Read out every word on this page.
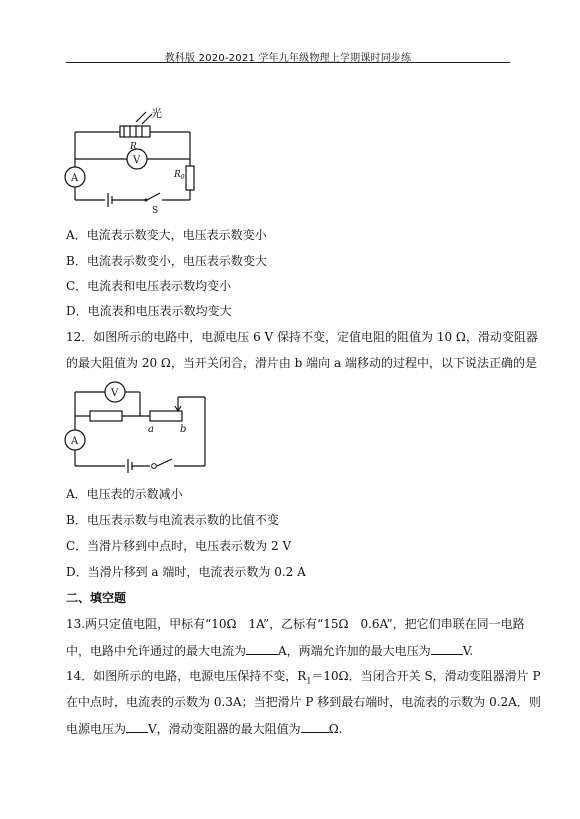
教科版 2020-2021 学年九年级物理上学期课时同步练
光
R
V
A	$R_0$
S
A．电流表示数变大，电压表示数变小
B．电流表示数变小，电压表示数变大
C．电流表和电压表示数均变小
D．电流表和电压表示数均变大
12．如图所示的电路中，电源电压 6 V 保持不变，定值电阻的阻值为 10 Ω，滑动变阻器
的最大阻值为 20 Ω，当开关闭合，滑片由 b 端向 a 端移动的过程中，以下说法正确的是
V
A
a	b
A．电压表的示数减小
B．电压表示数与电流表示数的比值不变
C．当滑片移到中点时，电压表示数为 2 V
D．当滑片移到 a 端时，电流表示数为 0.2 A
二、填空题
13.两只定值电阻，甲标有“10Ω　1A”，乙标有“15Ω　0.6A”，把它们串联在同一电路
中，电路中允许通过的最大电流为	A，两端允许加的最大电压为	V.
14．如图所示的电路，电源电压保持不变，$R_1=10\Omega$．当闭合开关 S，滑动变阻器滑片 P
在中点时，电流表的示数为 0.3A；当把滑片 P 移到最右端时，电流表的示数为 0.2A．则
电源电压为 V，滑动变阻器的最大阻值为 Ω.
